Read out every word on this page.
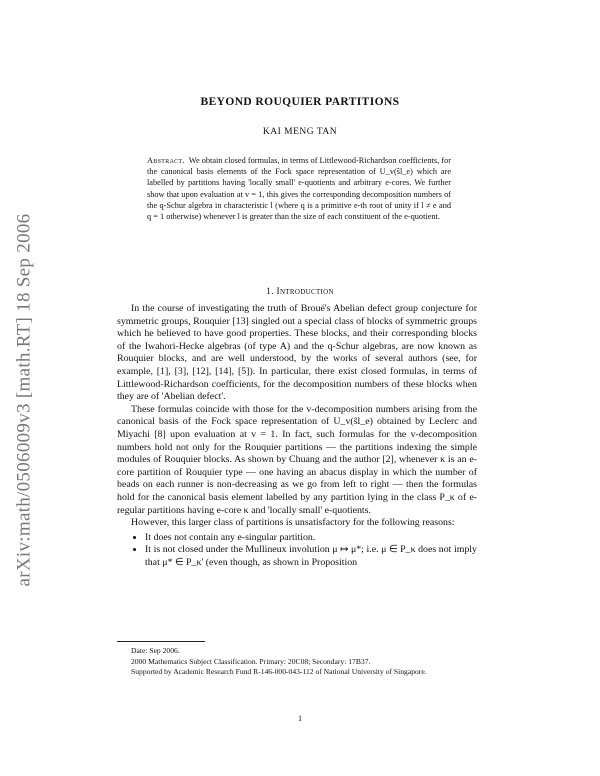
arXiv:math/0506009v3 [math.RT] 18 Sep 2006
BEYOND ROUQUIER PARTITIONS
KAI MENG TAN
Abstract. We obtain closed formulas, in terms of Littlewood-Richardson coefficients, for the canonical basis elements of the Fock space representation of U_v(ŝl_e) which are labelled by partitions having 'locally small' e-quotients and arbitrary e-cores. We further show that upon evaluation at v = 1, this gives the corresponding decomposition numbers of the q-Schur algebra in characteristic l (where q is a primitive e-th root of unity if l ≠ e and q = 1 otherwise) whenever l is greater than the size of each constituent of the e-quotient.
1. Introduction

In the course of investigating the truth of Broué's Abelian defect group conjecture for symmetric groups, Rouquier [13] singled out a special class of blocks of symmetric groups which he believed to have good properties. These blocks, and their corresponding blocks of the Iwahori-Hecke algebras (of type A) and the q-Schur algebras, are now known as Rouquier blocks, and are well understood, by the works of several authors (see, for example, [1], [3], [12], [14], [5]). In particular, there exist closed formulas, in terms of Littlewood-Richardson coefficients, for the decomposition numbers of these blocks when they are of 'Abelian defect'.

These formulas coincide with those for the v-decomposition numbers arising from the canonical basis of the Fock space representation of U_v(ŝl_e) obtained by Leclerc and Miyachi [8] upon evaluation at v = 1. In fact, such formulas for the v-decomposition numbers hold not only for the Rouquier partitions — the partitions indexing the simple modules of Rouquier blocks. As shown by Chuang and the author [2], whenever κ is an e-core partition of Rouquier type — one having an abacus display in which the number of beads on each runner is non-decreasing as we go from left to right — then the formulas hold for the canonical basis element labelled by any partition lying in the class P_κ of e-regular partitions having e-core κ and 'locally small' e-quotients.

However, this larger class of partitions is unsatisfactory for the following reasons:

• It does not contain any e-singular partition.
• It is not closed under the Mullineux involution μ ↦ μ*; i.e. μ ∈ P_κ does not imply that μ* ∈ P_κ' (even though, as shown in Proposition

Date: Sep 2006.

2000 Mathematics Subject Classification. Primary: 20C08; Secondary: 17B37.

Supported by Academic Research Fund R-146-000-043-112 of National University of Singapore.

1
